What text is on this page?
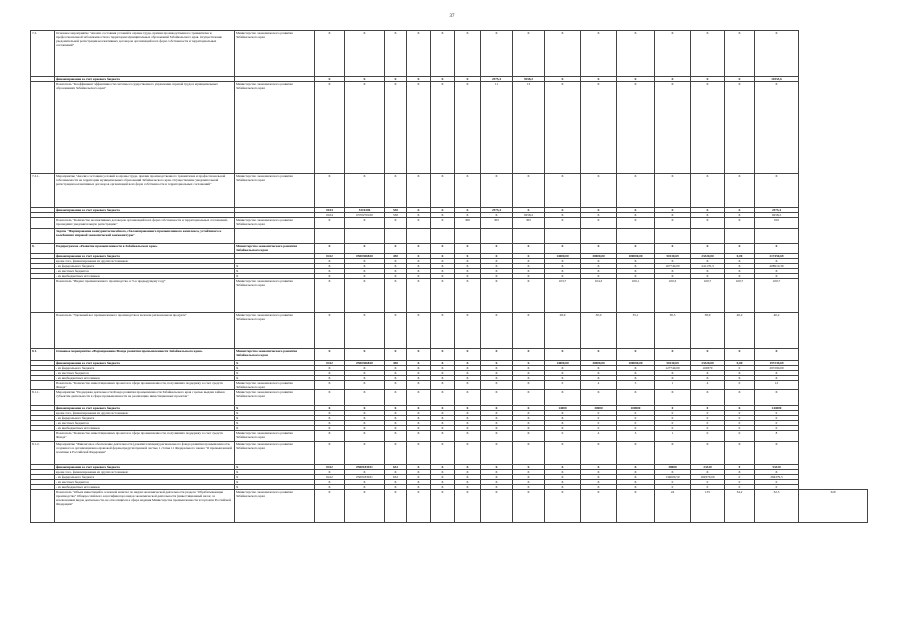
37
7.2.	Основное мероприятие "Анализ состояния условий и охраны труда, причин производственного травматизма и профессиональной заболеваемости на территории муниципальных образований Забайкальского края. Осуществление уведомительной регистрации коллективных договоров организаций всех форм собственности и территориальных соглашений"	Министерство экономического развития Забайкальского края	X	X	X	X	X	X	X	X	X	X	X	X	X	X	X	
	финансирование за счет краевого бюджета		X	X	X	X	X	X	2575,4	9258,2	X	X	X	X	X	X	11833,6	
	Показатель "Коэффициент эффективности системы государственного управления охраной труда в муниципальных образованиях Забайкальского края"	Министерство экономического развития Забайкальского края	X	X	X	X	X	X	11	13	X	X	X	X	X	X	X	
7.2.1.	Мероприятие "Анализ состояния условий и охраны труда, причин производственного травматизма и профессиональной заболеваемости на территории муниципальных образований Забайкальского края. Осуществление уведомительной регистрации коллективных договоров организаций всех форм собственности и территориальных соглашений"	Министерство экономического развития Забайкальского края	X	X	X	X	X	X	X	X	X	X	X	X	X	X	X	
	финансирование за счет краевого бюджета		0104	5310206	530	X	X	X	2575,4	X	X	X	X	X	X	X	2575,4	
			0104	0370270100	530	X	X	X	X	9258,2	X	X	X	X	X	X	9258,2	
	Показатель "Количество коллективных договоров организаций всех форм собственности и территориальных соглашений, прошедших уведомительную регистрацию"	Министерство экономического развития Забайкальского края	X	X	X	X	X	300	305	305	X	X	X	X	X	X	910	
	Задача "Формирование конкурентоспособного, сбалансированного промышленного комплекса, устойчивого к колебаниям мировой экономической конъюнктуры"																	
8.	Подпрограмма «Развитие промышленности в Забайкальском крае»	Министерство экономического развития Забайкальского края	X	X	X	X	X	X	X	X	X	X	X	X	X	X	X	
	финансирование за счет краевого бюджета		0412	0500306820	450	X	X	X	X	X	14000,00	30000,00	100000,00	50130,69	23320,00	0,00	217450,69	
	кроме того, финансирование из других источников:		X	X	X	X	X	X	X	X	X	X	X	X	X	X	X	
	- из федерального бюджета	X	X	X	X	X	X	X	X	X	X	X	X	167740,00	241170,3	X	408910,30	
	- из местных бюджетов	X	X	X	X	X	X	X	X	X	X	X	X	X	X	X	X	
	- из внебюджетных источников	X	X	X	X	X	X	X	X	X	X	X	X	X	X	X	X	
	Показатель "Индекс промышленного производства, в % к предыдущему году"	Министерство экономического развития Забайкальского края	X	X	X	X	X	X	X	X	103,7	104,3	100,1	100,3	100,7	100,7	100,7	
	Показатель "Удельный вес промышленного производства в валовом региональном продукте"	Министерство экономического развития Забайкальского края	X	X	X	X	X	X	X	X	28,9	30,0	35,1	36,5	38,9	40,2	40,2	
8.1.	Основное мероприятие «Формирование Фонда развития промышленности Забайкальского края»	Министерство экономического развития Забайкальского края	X	X	X	X	X	X	X	X	X	X	X	X	X	X	X	
	финансирование за счет краевого бюджета	X	0412	0500306820	450	X	X	X	X	X	14000,00	30000,00	100000,00	50130,69	23320,00	0,00	197239,69	
	- из федерального бюджета	X	X	X	X	X	X	X	X	X	X	X	X	127740,00	169370	0	297290,00	
	- из местных бюджетов	X	X	X	X	X	X	X	X	X	X	X	X	X	X	X	X	
	- из внебюджетных источников	X	X	X	X	X	X	X	X	X	X	X	X	X	X	X	X	
	Показатель "Количество инвестиционных проектов в сфере промышленности, получивших поддержку за счет средств Фонда"	Министерство экономического развития Забайкальского края	X	X	X	X	X	X	X	X	0	4	3	1	4	0	12	
8.1.1.	Мероприятие "Поддержка деятельности Фонда развития промышленности Забайкальского края с целью выдачи займов субъектам деятельности в сфере промышленности на реализацию инвестиционных проектов"	Министерство экономического развития Забайкальского края	X	X	X	X	X	X	X	X	X	X	X	X	X	X	X	
	финансирование за счет краевого бюджета	X	X	X	X	X	X	X	X	X	14000	30000	100000	0	0	X	144000	
	кроме того, финансирование из других источников:	X	X	X	X	X	X	X	X	X	X	0	0	0	0	0	0	
	- из федерального бюджета	X	X	X	X	X	X	X	X	X	X	0	0	0	0	0	0	
	- из местных бюджетов	X	X	X	X	X	X	X	X	X	X	0	0	0	0	0	0	
	- из внебюджетных источников	X	X	X	X	X	X	X	X	X	X	0	0	0	0	0	0	
	Показатель "Количество инвестиционных проектов в сфере промышленности, получивших поддержку за счет средств Фонда"	Министерство экономического развития Забайкальского края	X	X	X	X	X	X	X	X	0	4	3	1	0	0	8	
8.1.2.	Мероприятие "Финансовое обеспечение деятельности (докапитализация) регионального фонда развития промышленности, созданного в организационно-правовой форме,предусмотренной частью 1 статьи 11 Федерального закона "О промышленной политике в Российской Федерации"	Министерство экономического развития Забайкальского края	X	X	X	X	X	X	X	X	X	X	X	X	X	X	X	
	финансирование за счет краевого бюджета	X	0412	0500183931	632	X	X	X	X	X	X	X	X	38000	23320	0	53320	
	кроме того, финансирование из других источников:	X	X	X	X	X	X	X	X	X	X	X	X	X	X	X	X	
	- из федерального бюджета	X	0412	0500183931	632	X	X	X	X	X	X	X	X	134009,50	169370,00	0	284379,5	
	- из местных бюджетов	X	X	X	X	X	X	X	X	X	X	X	X	0	0	0	0	
	- из внебюджетных источников	X	X	X	X	X	X	X	X	X	X	X	X	0	0	0	0	
	Показатель "Объем инвестиций в основной капитал по видам экономической деятельности раздела "Обрабатывающие производства" Общероссийского классификатора видов экономической деятельности (инвестиционный налог, за исключением видов деятельности, не относящихся к сфере ведения Министерства промышленности и торговли Российской Федерации"	Министерство экономического развития Забайкальского края	X	X	X	X	X	X	X	X	X	X	X	24	135	34,2	32,5	329
